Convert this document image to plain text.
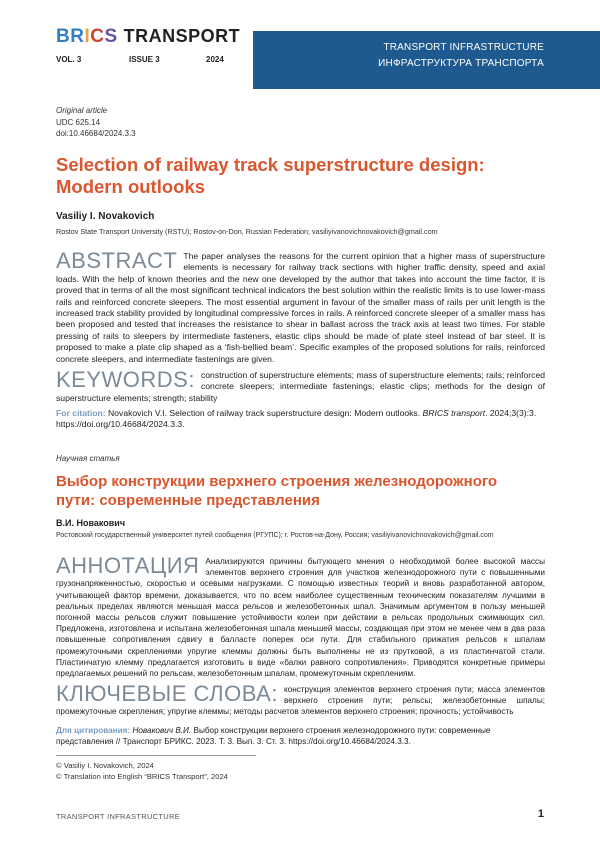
BRICS TRANSPORT
VOL. 3	ISSUE 3	2024
TRANSPORT INFRASTRUCTURE
ИНФРАСТРУКТУРА ТРАНСПОРТА
Original article
UDC 625.14
doi:10.46684/2024.3.3
Selection of railway track superstructure design: Modern outlooks
Vasiliy I. Novakovich
Rostov State Transport University (RSTU); Rostov-on-Don, Russian Federation; vasiliyivanovichnovakovich@gmail.com
ABSTRACT The paper analyses the reasons for the current opinion that a higher mass of superstructure elements is necessary for railway track sections with higher traffic density, speed and axial loads. With the help of known theories and the new one developed by the author that takes into account the time factor, it is proved that in terms of all the most significant technical indicators the best solution within the realistic limits is to use lower-mass rails and reinforced concrete sleepers. The most essential argument in favour of the smaller mass of rails per unit length is the increased track stability provided by longitudinal compressive forces in rails. A reinforced concrete sleeper of a smaller mass has been proposed and tested that increases the resistance to shear in ballast across the track axis at least two times. For stable pressing of rails to sleepers by intermediate fasteners, elastic clips should be made of plate steel instead of bar steel. It is proposed to make a plate clip shaped as a ‘fish-bellied beam’. Specific examples of the proposed solutions for rails, reinforced concrete sleepers, and intermediate fastenings are given.
KEYWORDS: construction of superstructure elements; mass of superstructure elements; rails; reinforced concrete sleepers; intermediate fastenings; elastic clips; methods for the design of superstructure elements; strength; stability
For citation: Novakovich V.I. Selection of railway track superstructure design: Modern outlooks. BRICS transport. 2024;3(3):3. https://doi.org/10.46684/2024.3.3.
Научная статья
Выбор конструкции верхнего строения железнодорожного пути: современные представления
В.И. Новакович
Ростовский государственный университет путей сообщения (РГУПС); г. Ростов-на-Дону, Россия; vasiliyivanovichnovakovich@gmail.com
АННОТАЦИЯ Анализируются причины бытующего мнения о необходимой более высокой массы элементов верхнего строения для участков железнодорожного пути с повышенными грузонапряженностью, скоростью и осевыми нагрузками. С помощью известных теорий и вновь разработанной автором, учитывающей фактор времени, доказывается, что по всем наиболее существенным техническим показателям лучшими в реальных пределах являются меньшая масса рельсов и железобетонных шпал. Значимым аргументом в пользу меньшей погонной массы рельсов служит повышение устойчивости колеи при действии в рельсах продольных сжимающих сил. Предложена, изготовлена и испытана железобетонная шпала меньшей массы, создающая при этом не менее чем в два раза повышенные сопротивления сдвигу в балласте поперек оси пути. Для стабильного прижатия рельсов к шпалам промежуточными скреплениями упругие клеммы должны быть выполнены не из прутковой, а из пластинчатой стали. Пластинчатую клемму предлагается изготовить в виде «балки равного сопротивления». Приводятся конкретные примеры предлагаемых решений по рельсам, железобетонным шпалам, промежуточным скреплениям.
КЛЮЧЕВЫЕ СЛОВА: конструкция элементов верхнего строения пути; масса элементов верхнего строения пути; рельсы; железобетонные шпалы; промежуточные скрепления; упругие клеммы; методы расчетов элементов верхнего строения; прочность; устойчивость
Для цитирования: Новакович В.И. Выбор конструкции верхнего строения железнодорожного пути: современные представления // Транспорт БРИКС. 2023. Т. 3. Вып. 3. Ст. 3. https://doi.org/10.46684/2024.3.3.
© Vasiliy I. Novakovich, 2024
© Translation into English “BRICS Transport”, 2024
TRANSPORT INFRASTRUCTURE	1
